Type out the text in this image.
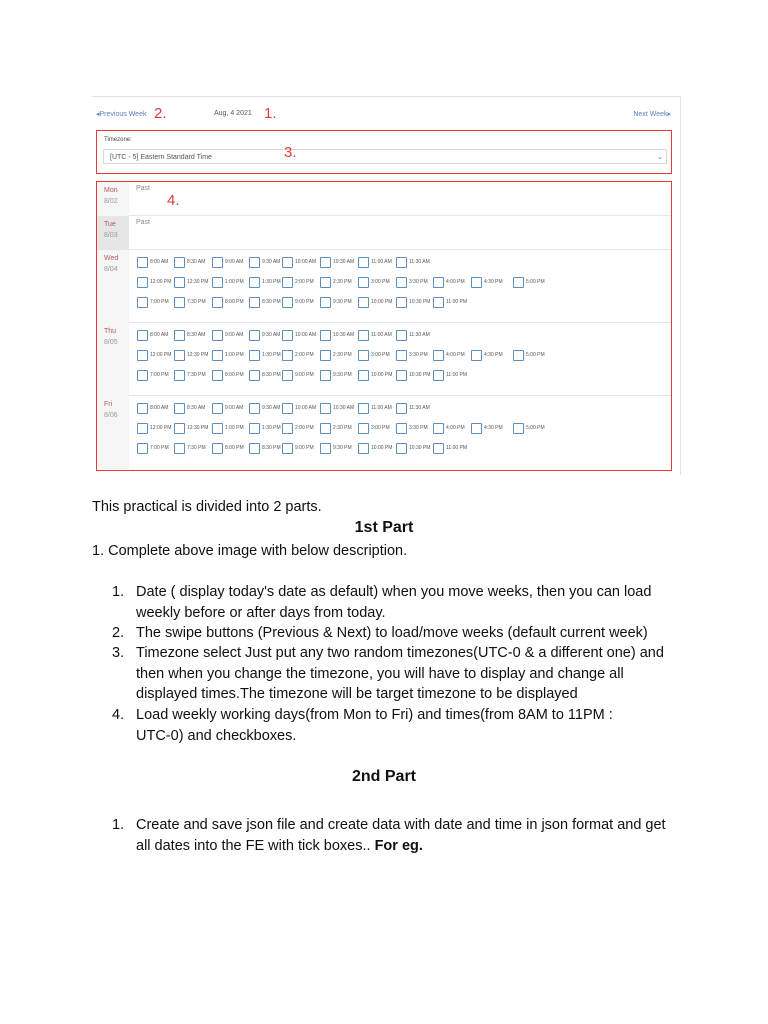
◂Previous Week	Aug, 4 2021	Next Week▸
2.	1.
Timezone:
[UTC - 5] Eastern Standard Time	⌄
3.
4.
Mon

8/02
Past
Tue

8/03
Past
Wed

8/04
8:00 AM	8:30 AM	9:00 AM	9:30 AM	10:00 AM	10:30 AM	11:00 AM	11:30 AM
12:00 PM	12:30 PM	1:00 PM	1:30 PM	2:00 PM	2:30 PM	3:00 PM	3:30 PM	4:00 PM	4:30 PM	5:00 PM
7:00 PM	7:30 PM	8:00 PM	8:30 PM	9:00 PM	9:30 PM	10:00 PM	10:30 PM	11:00 PM
Thu

8/05
8:00 AM	8:30 AM	9:00 AM	9:30 AM	10:00 AM	10:30 AM	11:00 AM	11:30 AM
12:00 PM	12:30 PM	1:00 PM	1:30 PM	2:00 PM	2:30 PM	3:00 PM	3:30 PM	4:00 PM	4:30 PM	5:00 PM
7:00 PM	7:30 PM	8:00 PM	8:30 PM	9:00 PM	9:30 PM	10:00 PM	10:30 PM	11:00 PM
Fri

8/06
8:00 AM	8:30 AM	9:00 AM	9:30 AM	10:00 AM	10:30 AM	11:00 AM	11:30 AM
12:00 PM	12:30 PM	1:00 PM	1:30 PM	2:00 PM	2:30 PM	3:00 PM	3:30 PM	4:00 PM	4:30 PM	5:00 PM
7:00 PM	7:30 PM	8:00 PM	8:30 PM	9:00 PM	9:30 PM	10:00 PM	10:30 PM	11:00 PM
This practical is divided into 2 parts.
1st Part
1. Complete above image with below description.
1. Date ( display today's date as default) when you move weeks, then you can load weekly before or after days from today.
2. The swipe buttons (Previous & Next) to load/move weeks (default current week)
3. Timezone select Just put any two random timezones(UTC-0 & a different one) and then when you change the timezone, you will have to display and change all displayed times.The timezone will be target timezone to be displayed
4. Load weekly working days(from Mon to Fri) and times(from 8AM to 11PM : UTC-0) and checkboxes.
2nd Part
1. Create and save json file and create data with date and time in json format and get all dates into the FE with tick boxes.. For eg.
